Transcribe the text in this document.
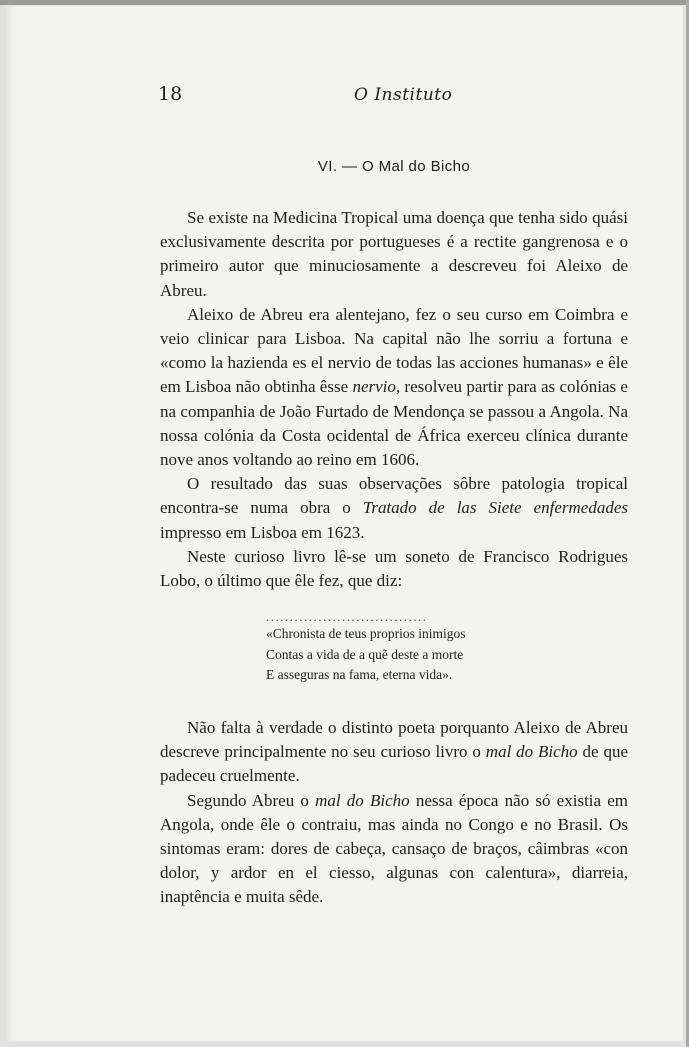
18	O Instituto
VI. — O Mal do Bicho

Se existe na Medicina Tropical uma doença que tenha sido quási exclusivamente descrita por portugueses é a rectite gangrenosa e o primeiro autor que minuciosamente a descreveu foi Aleixo de Abreu.

Aleixo de Abreu era alentejano, fez o seu curso em Coimbra e veio clinicar para Lisboa. Na capital não lhe sorriu a fortuna e «como la hazienda es el nervio de todas las acciones humanas» e êle em Lisboa não obtinha êsse nervio, resolveu partir para as colónias e na companhia de João Furtado de Mendonça se passou a Angola. Na nossa colónia da Costa ocidental de África exerceu clínica durante nove anos voltando ao reino em 1606.

O resultado das suas observações sôbre patologia tropical encontra-se numa obra o Tratado de las Siete enfermedades impresso em Lisboa em 1623.

Neste curioso livro lê-se um soneto de Francisco Rodrigues Lobo, o último que êle fez, que diz:

..................................
«Chronista de teus proprios inimigos
Contas a vida de a quẽ deste a morte
E asseguras na fama, eterna vida».

Não falta à verdade o distinto poeta porquanto Aleixo de Abreu descreve principalmente no seu curioso livro o mal do Bicho de que padeceu cruelmente.

Segundo Abreu o mal do Bicho nessa época não só existia em Angola, onde êle o contraiu, mas ainda no Congo e no Brasil. Os sintomas eram: dores de cabeça, cansaço de braços, câimbras «con dolor, y ardor en el ciesso, algunas con calentura», diarreia, inaptência e muita sêde.
